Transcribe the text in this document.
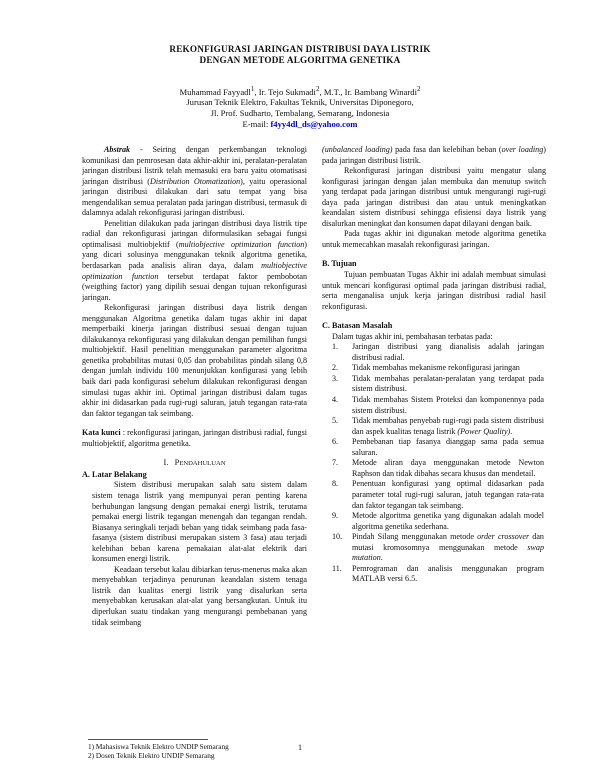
REKONFIGURASI JARINGAN DISTRIBUSI DAYA LISTRIK
DENGAN METODE ALGORITMA GENETIKA
Muhammad Fayyadl$^1$, Ir. Tejo Sukmadi$^2$, M.T., Ir. Bambang Winardi$^2$
Jurusan Teknik Elektro, Fakultas Teknik, Universitas Diponegoro,
Jl. Prof. Sudharto, Tembalang, Semarang, Indonesia
E-mail: f4yy4dl_ds@yahoo.com

Abstrak - Seiring dengan perkembangan teknologi komunikasi dan pemrosesan data akhir-akhir ini, peralatan-peralatan jaringan distribusi listrik telah memasuki era baru yaitu otomatisasi jaringan distribusi (Distribution Otomatization), yaitu operasional jaringan distribusi dilakukan dari satu tempat yang bisa mengendalikan semua peralatan pada jaringan distribusi, termasuk di dalamnya adalah rekonfigurasi jaringan distribusi.

Penelitian dilakukan pada jaringan distribusi daya listrik tipe radial dan rekonfigurasi jaringan diformulasikan sebagai fungsi optimalisasi multiobjektif (multiobjective optimization function) yang dicari solusinya menggunakan teknik algoritma genetika, berdasarkan pada analisis aliran daya, dalam multiobjective optimization function tersebut terdapat faktor pembobotan (weigthing factor) yang dipilih sesuai dengan tujuan rekonfigurasi jaringan.

Rekonfigurasi jaringan distribusi daya listrik dengan menggunakan Algoritma genetika dalam tugas akhir ini dapat memperbaiki kinerja jaringan distribusi sesuai dengan tujuan dilakukannya rekonfigurasi yang dilakukan dengan pemilihan fungsi multiobjektif. Hasil penelitian menggunakan parameter algoritma genetika probabilitas mutasi 0,05 dan probabilitas pindah silang 0,8 dengan jumlah individu 100 menunjukkan konfigurasi yang lebih baik dari pada konfigurasi sebelum dilakukan rekonfigurasi dengan simulasi tugas akhir ini. Optimal jaringan distribusi dalam tugas akhir ini didasarkan pada rugi-rugi saluran, jatuh tegangan rata-rata dan faktor tegangan tak seimbang.

Kata kunci : rekonfigurasi jaringan, jaringan distribusi radial, fungsi multiobjektif, algoritma genetika.

I. PENDAHULUAN

A. Latar Belakang

Sistem distribusi merupakan salah satu sistem dalam sistem tenaga listrik yang mempunyai peran penting karena berhubungan langsung dengan pemakai energi listrik, terutama pemakai energi listrik tegangan menengah dan tegangan rendah. Biasanya seringkali terjadi beban yang tidak seimbang pada fasa-fasanya (sistem distribusi merupakan sistem 3 fasa) atau terjadi kelebihan beban karena pemakaian alat-alat elektrik dari konsumen energi listrik.

Keadaan tersebut kalau dibiarkan terus-menerus maka akan menyebabkan terjadinya penurunan keandalan sistem tenaga listrik dan kualitas energi listrik yang disalurkan serta menyebabkan kerusakan alat-alat yang bersangkutan. Untuk itu diperlukan suatu tindakan yang mengurangi pembebanan yang tidak seimbang

(unbalanced loading) pada fasa dan kelebihan beban (over loading) pada jaringan distribusi listrik.

Rekonfigurasi jaringan distribusi yaitu mengatur ulang konfigurasi jaringan dengan jalan membuka dan menutup switch yang terdapat pada jaringan distribusi untuk mengurangi rugi-rugi daya pada jaringan distribusi dan atau untuk meningkatkan keandalan sistem distribusi sehingga efisiensi daya listrik yang disalurkan meningkat dan konsumen dapat dilayani dengan baik.

Pada tugas akhir ini digunakan metode algoritma genetika untuk memecahkan masalah rekonfigurasi jaringan.

B. Tujuan

Tujuan pembuatan Tugas Akhir ini adalah membuat simulasi untuk mencari konfigurasi optimal pada jaringan distribusi radial, serta menganalisa unjuk kerja jaringan distribusi radial hasil rekonfigurasi.

C. Batasan Masalah

Dalam tugas akhir ini, pembahasan terbatas pada:

1. Jaringan distribusi yang dianalisis adalah jaringan distribusi radial.
2. Tidak membahas mekanisme rekonfigurasi jaringan
3. Tidak membahas peralatan-peralatan yang terdapat pada sistem distribusi.
4. Tidak membahas Sistem Proteksi dan komponennya pada sistem distribusi.
5. Tidak membahas penyebab rugi-rugi pada sistem distribusi dan aspek kualitas tenaga listrik (Power Quality).
6. Pembebanan tiap fasanya dianggap sama pada semua saluran.
7. Metode aliran daya menggunakan metode Newton Raphson dan tidak dibahas secara khusus dan mendetail.
8. Penentuan konfigurasi yang optimal didasarkan pada parameter total rugi-rugi saluran, jatuh tegangan rata-rata dan faktor tegangan tak seimbang.
9. Metode algoritma genetika yang digunakan adalah model algoritma genetika sederhana.
10. Pindah Silang menggunakan metode order crossover dan mutasi kromosomnya menggunakan metode swap mutation.
11. Pemrograman dan analisis menggunakan program MATLAB versi 6.5.
1) Mahasiswa Teknik Elektro UNDIP Semarang
2) Dosen Teknik Elektro UNDIP Semarang
1
